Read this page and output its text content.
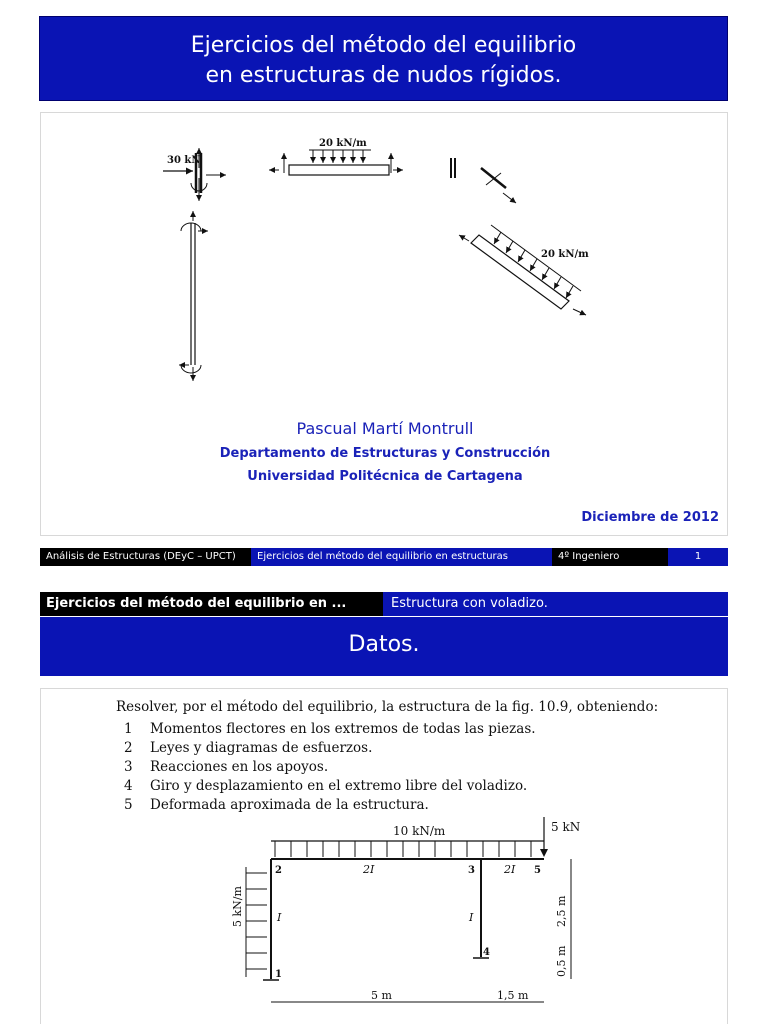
Ejercicios del método del equilibrio
en estructuras de nudos rígidos.
30 kN
20 kN/m
20 kN/m
Pascual Martí Montrull
Departamento de Estructuras y Construcción
Universidad Politécnica de Cartagena
Diciembre de 2012
Análisis de Estructuras (DEyC – UPCT)	Ejercicios del método del equilibrio en estructuras	4º Ingeniero Industrial
1
Ejercicios del método del equilibrio en ...	Estructura con voladizo.
Datos.
Resolver, por el método del equilibrio, la estructura de la fig. 10.9, obteniendo:
1 Momentos flectores en los extremos de todas las piezas.
2 Leyes y diagramas de esfuerzos.
3 Reacciones en los apoyos.
4 Giro y desplazamiento en el extremo libre del voladizo.
5 Deformada aproximada de la estructura.
10 kN/m	5 kN
5 kN/m
2	3	5
1
4
2I	2I
I	I	2,5 m
0,5 m
5 m	1,5 m
